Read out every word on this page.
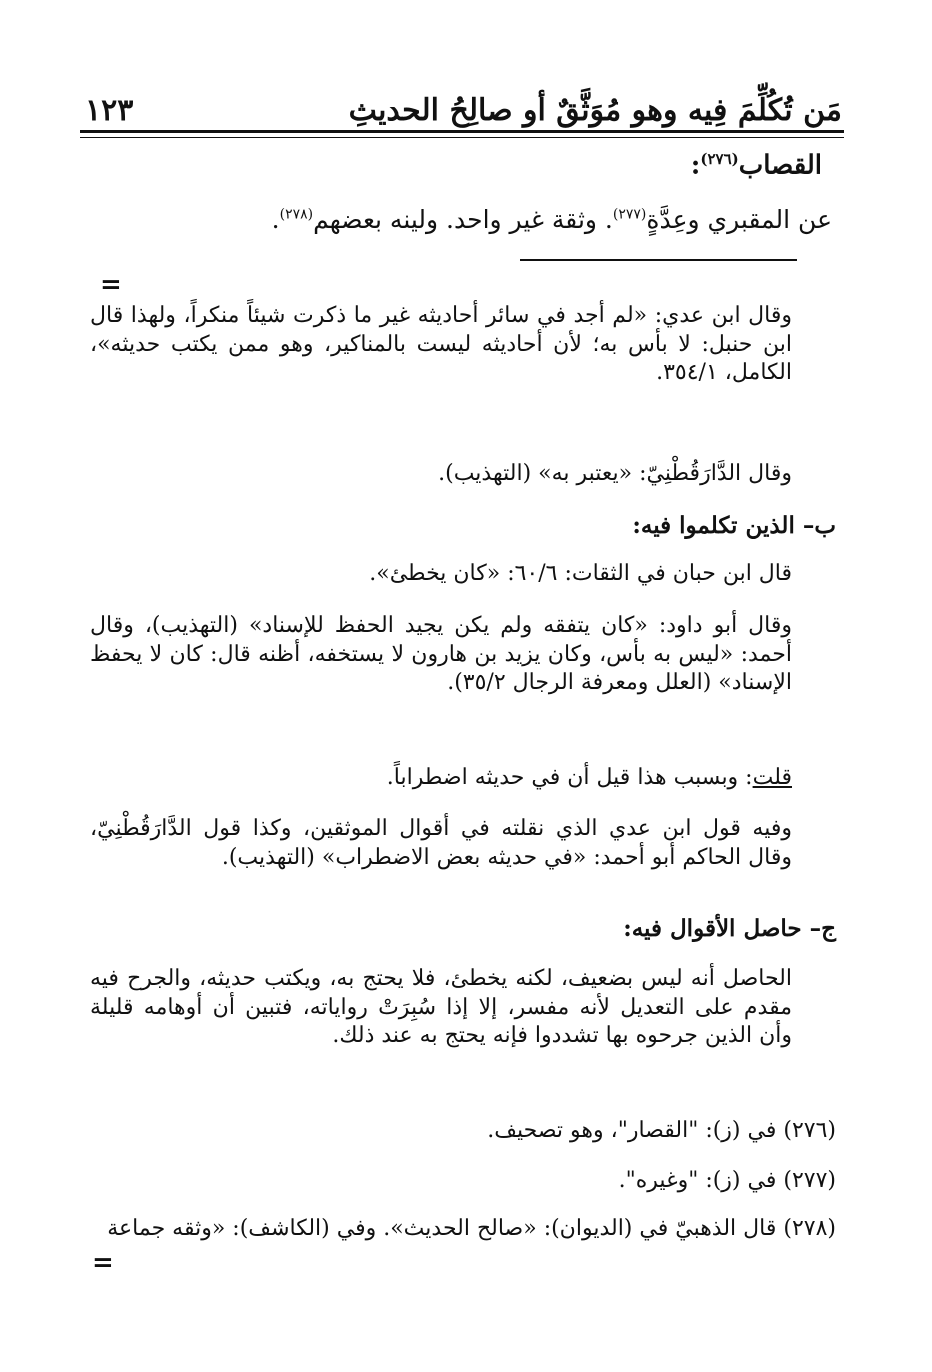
مَن تُكُلِّمَ فِيه وهو مُوَثَّقٌ أو صالِحُ الحديثِ
١٢٣
القصاب$^{(٢٧٦)}$:
عن المقبري وعِدَّةٍ$^{(٢٧٧)}$. وثقة غير واحد. ولينه بعضهم$^{(٢٧٨)}$.
=
وقال ابن عدي: «لم أجد في سائر أحاديثه غير ما ذكرت شيئاً منكراً، ولهذا قال ابن حنبل: لا بأس به؛ لأن أحاديثه ليست بالمناكير، وهو ممن يكتب حديثه»، الكامل، ٣٥٤/١.
وقال الدَّارَقُطْنِيّ: «يعتبر به» (التهذيب).
ب– الذين تكلموا فيه:
قال ابن حبان في الثقات: ٦٠/٦: «كان يخطئ».
وقال أبو داود: «كان يتفقه ولم يكن يجيد الحفظ للإسناد» (التهذيب)، وقال أحمد: «ليس به بأس، وكان يزيد بن هارون لا يستخفه، أظنه قال: كان لا يحفظ الإسناد» (العلل ومعرفة الرجال ٣٥/٢).
قلت: وبسبب هذا قيل أن في حديثه اضطراباً.
وفيه قول ابن عدي الذي نقلته في أقوال الموثقين، وكذا قول الدَّارَقُطْنِيّ، وقال الحاكم أبو أحمد: «في حديثه بعض الاضطراب» (التهذيب).
ج– حاصل الأقوال فيه:
الحاصل أنه ليس بضعيف، لكنه يخطئ، فلا يحتج به، ويكتب حديثه، والجرح فيه مقدم على التعديل لأنه مفسر، إلا إذا سُبِرَتْ رواياته، فتبين أن أوهامه قليلة وأن الذين جرحوه بها تشددوا فإنه يحتج به عند ذلك.
(٢٧٦) في (ز): "القصار"، وهو تصحيف.
(٢٧٧) في (ز): "وغيره".
(٢٧٨) قال الذهبيّ في (الديوان): «صالح الحديث». وفي (الكاشف): «وثقه جماعة
=
